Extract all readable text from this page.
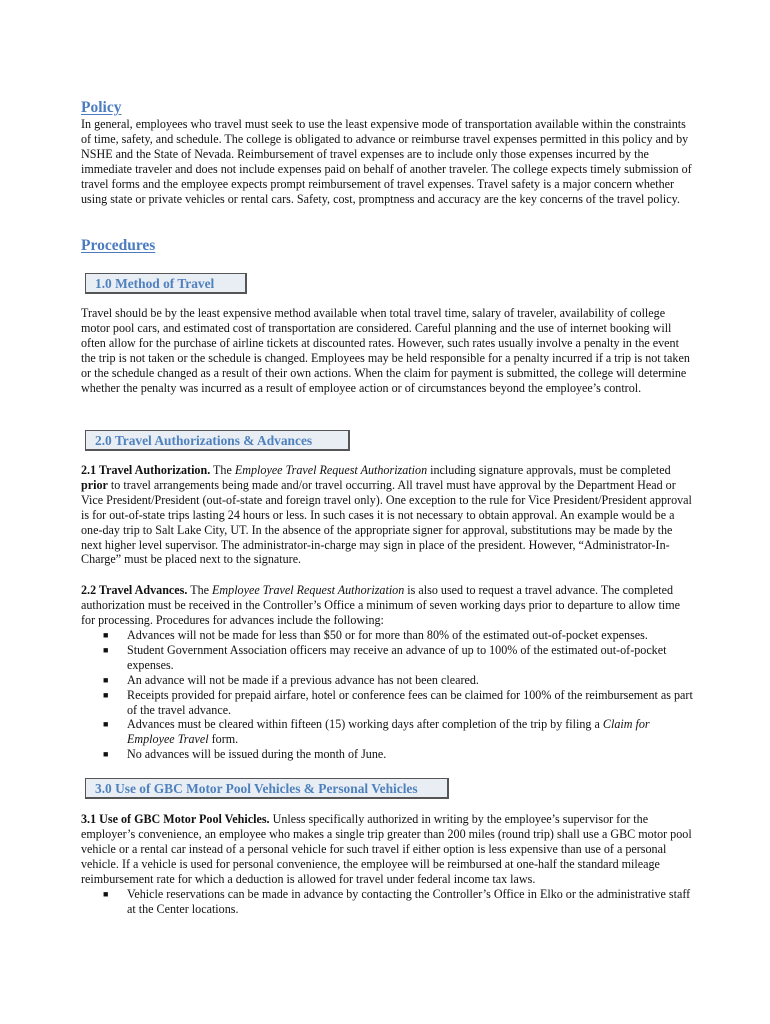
Policy

In general, employees who travel must seek to use the least expensive mode of transportation available within the constraints of time, safety, and schedule. The college is obligated to advance or reimburse travel expenses permitted in this policy and by NSHE and the State of Nevada. Reimbursement of travel expenses are to include only those expenses incurred by the immediate traveler and does not include expenses paid on behalf of another traveler. The college expects timely submission of travel forms and the employee expects prompt reimbursement of travel expenses. Travel safety is a major concern whether using state or private vehicles or rental cars. Safety, cost, promptness and accuracy are the key concerns of the travel policy.

Procedures
1.0 Method of Travel

Travel should be by the least expensive method available when total travel time, salary of traveler, availability of college motor pool cars, and estimated cost of transportation are considered. Careful planning and the use of internet booking will often allow for the purchase of airline tickets at discounted rates. However, such rates usually involve a penalty in the event the trip is not taken or the schedule is changed. Employees may be held responsible for a penalty incurred if a trip is not taken or the schedule changed as a result of their own actions. When the claim for payment is submitted, the college will determine whether the penalty was incurred as a result of employee action or of circumstances beyond the employee’s control.

2.0 Travel Authorizations & Advances

2.1 Travel Authorization. The Employee Travel Request Authorization including signature approvals, must be completed prior to travel arrangements being made and/or travel occurring. All travel must have approval by the Department Head or Vice President/President (out-of-state and foreign travel only). One exception to the rule for Vice President/President approval is for out-of-state trips lasting 24 hours or less. In such cases it is not necessary to obtain approval. An example would be a one-day trip to Salt Lake City, UT. In the absence of the appropriate signer for approval, substitutions may be made by the next higher level supervisor. The administrator-in-charge may sign in place of the president. However, “Administrator-In-Charge” must be placed next to the signature.

2.2 Travel Advances. The Employee Travel Request Authorization is also used to request a travel advance. The completed authorization must be received in the Controller’s Office a minimum of seven working days prior to departure to allow time for processing. Procedures for advances include the following:

■ Advances will not be made for less than $50 or for more than 80% of the estimated out-of-pocket expenses.
■ Student Government Association officers may receive an advance of up to 100% of the estimated out-of-pocket expenses.
■ An advance will not be made if a previous advance has not been cleared.
■ Receipts provided for prepaid airfare, hotel or conference fees can be claimed for 100% of the reimbursement as part of the travel advance.
■ Advances must be cleared within fifteen (15) working days after completion of the trip by filing a Claim for Employee Travel form.
■ No advances will be issued during the month of June.
3.0 Use of GBC Motor Pool Vehicles & Personal Vehicles

3.1 Use of GBC Motor Pool Vehicles. Unless specifically authorized in writing by the employee’s supervisor for the employer’s convenience, an employee who makes a single trip greater than 200 miles (round trip) shall use a GBC motor pool vehicle or a rental car instead of a personal vehicle for such travel if either option is less expensive than use of a personal vehicle. If a vehicle is used for personal convenience, the employee will be reimbursed at one-half the standard mileage reimbursement rate for which a deduction is allowed for travel under federal income tax laws.

■ Vehicle reservations can be made in advance by contacting the Controller’s Office in Elko or the administrative staff at the Center locations.
